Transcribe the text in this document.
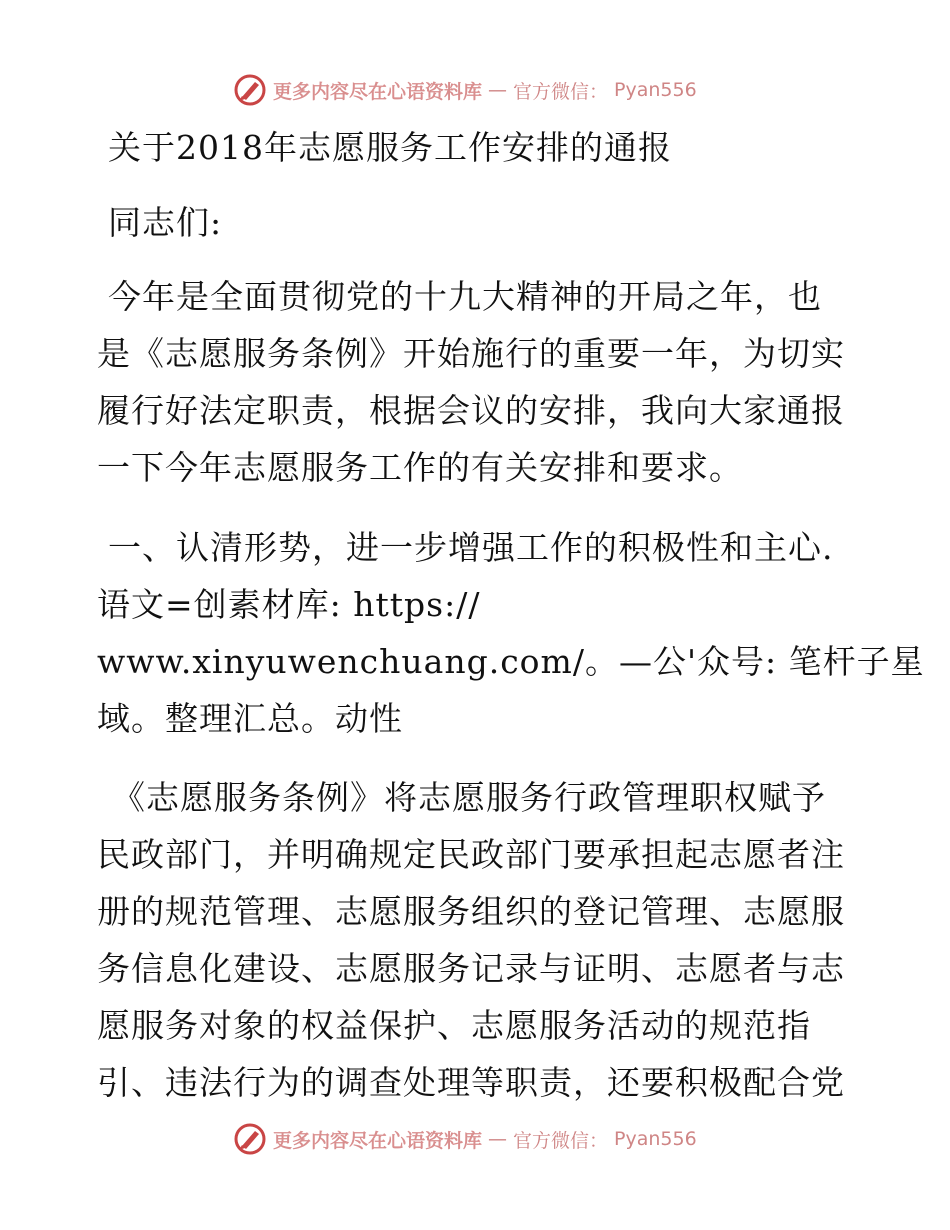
更多内容尽在心语资料库 — 官方微信： Pyan556
关于2018年志愿服务工作安排的通报
同志们:
今年是全面贯彻党的十九大精神的开局之年，也
是《志愿服务条例》开始施行的重要一年，为切实
履行好法定职责，根据会议的安排，我向大家通报
一下今年志愿服务工作的有关安排和要求。
一、认清形势，进一步增强工作的积极性和主心.
语文=创素材库: https://
www.xinyuwenchuang.com/。—公'众号: 笔杆子星
域。整理汇总。动性
《志愿服务条例》将志愿服务行政管理职权赋予
民政部门，并明确规定民政部门要承担起志愿者注
册的规范管理、志愿服务组织的登记管理、志愿服
务信息化建设、志愿服务记录与证明、志愿者与志
愿服务对象的权益保护、志愿服务活动的规范指
引、违法行为的调查处理等职责，还要积极配合党
更多内容尽在心语资料库 — 官方微信： Pyan556
